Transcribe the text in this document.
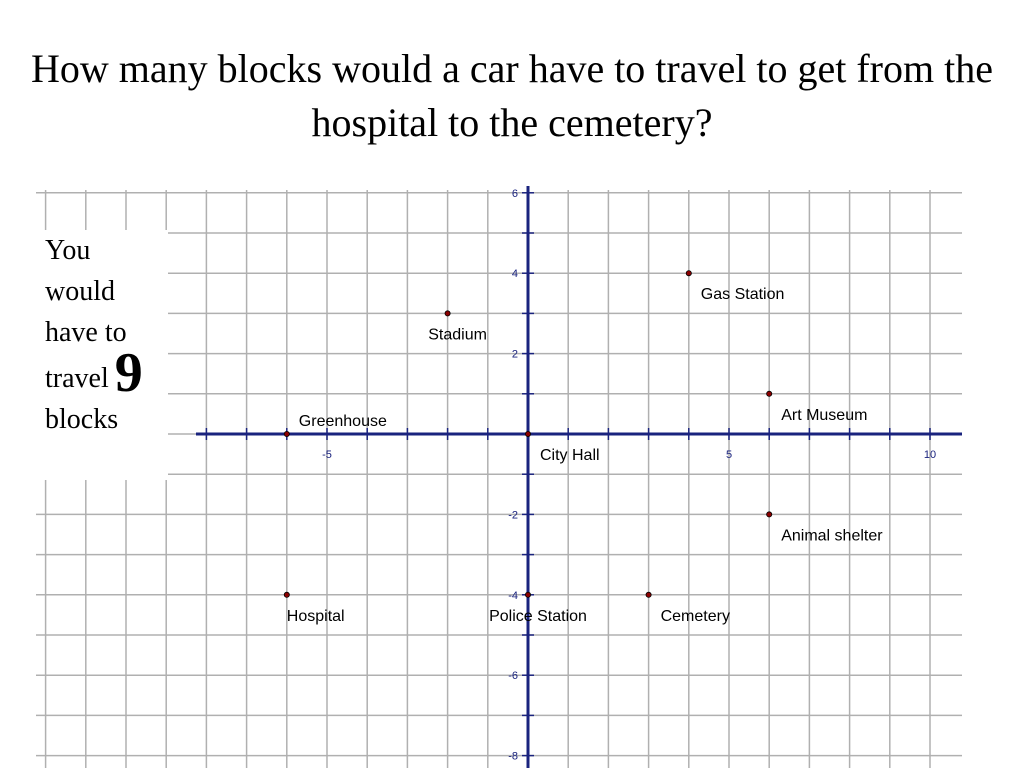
How many blocks would a car have to travel to get from the hospital to the cemetery?
-5	5	10
6
4
2
-2
-4
-6
-8
Gas Station
Stadium
Art Museum
Greenhouse
City Hall
Animal shelter
Hospital	Police Station	Cemetery
You
would
have to
travel 9
blocks
